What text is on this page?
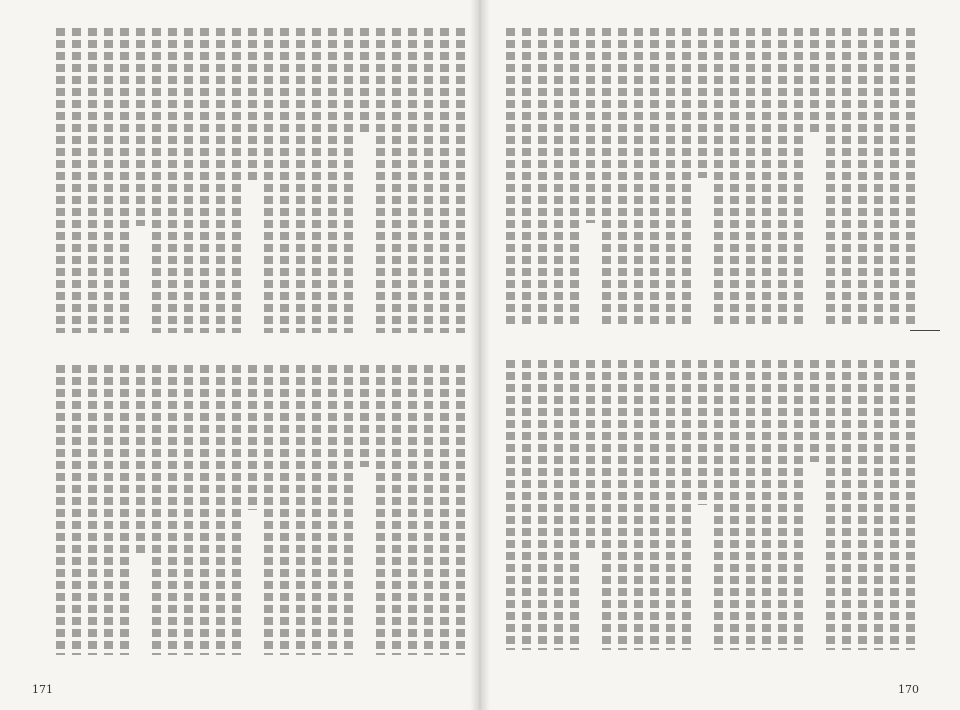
171	170
